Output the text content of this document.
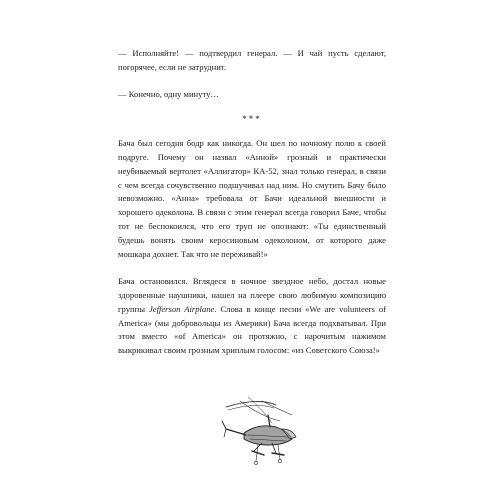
— Исполняйте! — подтвердил генерал. — И чай пусть сделают, погорячее, если не затруднит.

— Конечно, одну минуту…

***

Бача был сегодня бодр как никогда. Он шел по ночному полю к своей подруге. Почему он назвал «Анной» грозный и практически неубиваемый вертолет «Аллигатор» КА-52, знал только генерал, в связи с чем всегда сочувственно подшучивал над ним. Но смутить Бачу было невозможно. «Анна» требовала от Бачи идеальной внешности и хорошего одеколона. В связи с этим генерал всегда говорил Баче, чтобы тот не беспокоился, что его труп не опознают: «Ты единственный будешь вонять своим керосиновым одеколоном, от которого даже мошкара дохнет. Так что не переживай!»

Бача остановился. Вглядеся в ночное звездное небо, достал новые здоровенные наушники, нашел на плеере свою любимую композицию группы Jefferson Airplane. Слова в конце песни «We are volunteers of America» (мы добровольцы из Америки) Бача всегда подхватывал. При этом вместо «of America» он протяжно, с нарочитым нажимом выкрикивал своим грозным хриплым голосом: «из Советского Союза!»
